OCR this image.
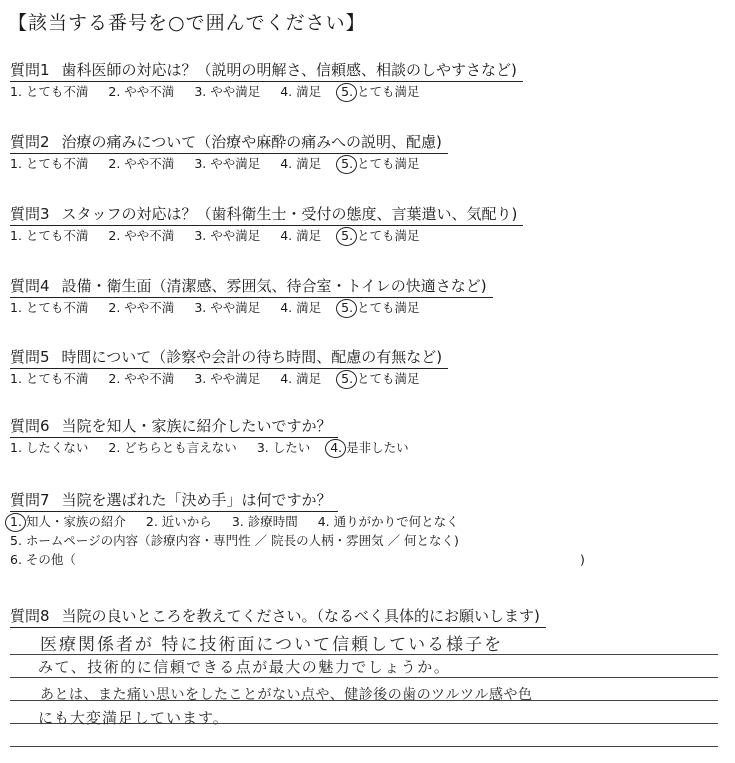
【該当する番号を○で囲んでください】
質問1 歯科医師の対応は？（説明の明解さ、信頼感、相談のしやすさなど)
1. とても不満 2. やや不満 3. やや満足 4. 満足 5. とても満足
質問2 治療の痛みについて（治療や麻酔の痛みへの説明、配慮)
1. とても不満 2. やや不満 3. やや満足 4. 満足 5. とても満足
質問3 スタッフの対応は？（歯科衛生士・受付の態度、言葉遣い、気配り)
1. とても不満 2. やや不満 3. やや満足 4. 満足 5. とても満足
質問4 設備・衛生面（清潔感、雰囲気、待合室・トイレの快適さなど)
1. とても不満 2. やや不満 3. やや満足 4. 満足 5. とても満足
質問5 時間について（診察や会計の待ち時間、配慮の有無など)
1. とても不満 2. やや不満 3. やや満足 4. 満足 5. とても満足
質問6 当院を知人・家族に紹介したいですか？
1. したくない 2. どちらとも言えない 3. したい 4. 是非したい
質問7 当院を選ばれた「決め手」は何ですか？
1. 知人・家族の紹介 2. 近いから 3. 診療時間 4. 通りがかりで何となく
5. ホームページの内容（診療内容・専門性 ／ 院長の人柄・雰囲気 ／ 何となく)
6. その他（	)
質問8 当院の良いところを教えてください。（なるべく具体的にお願いします)
医療関係者が 特に技術面について信頼している様子を
みて、技術的に信頼できる点が最大の魅力でしょうか。
あとは、また痛い思いをしたことがない点や、健診後の歯のツルツル感や色
にも大変満足しています。
